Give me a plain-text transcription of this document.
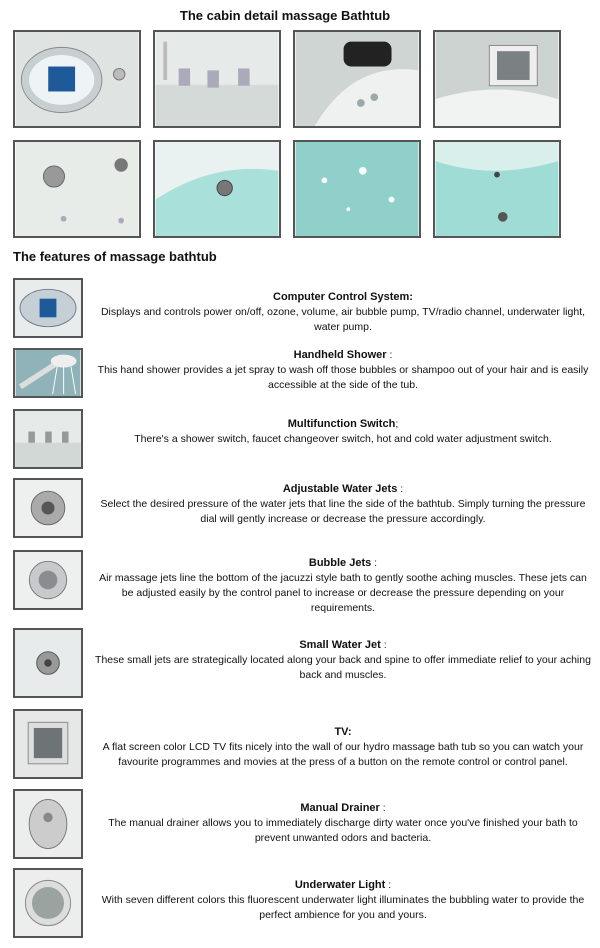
The cabin detail massage Bathtub
The features of massage bathtub
Computer Control System:
Displays and controls power on/off, ozone, volume, air bubble pump, TV/radio channel, underwater light, water pump.
Handheld Shower :
This hand shower provides a jet spray to wash off those bubbles or shampoo out of your hair and is easily accessible at the side of the tub.
Multifunction Switch;
There's a shower switch, faucet changeover switch, hot and cold water adjustment switch.
Adjustable Water Jets :
Select the desired pressure of the water jets that line the side of the bathtub. Simply turning the pressure dial will gently increase or decrease the pressure accordingly.
Bubble Jets :
Air massage jets line the bottom of the jacuzzi style bath to gently soothe aching muscles. These jets can be adjusted easily by the control panel to increase or decrease the pressure depending on your requirements.
Small Water Jet :
These small jets are strategically located along your back and spine to offer immediate relief to your aching back and muscles.
TV:
A flat screen color LCD TV fits nicely into the wall of our hydro massage bath tub so you can watch your favourite programmes and movies at the press of a button on the remote control or control panel.
Manual Drainer :
The manual drainer allows you to immediately discharge dirty water once you've finished your bath to prevent unwanted odors and bacteria.
Underwater Light :
With seven different colors this fluorescent underwater light illuminates the bubbling water to provide the perfect ambience for you and yours.
